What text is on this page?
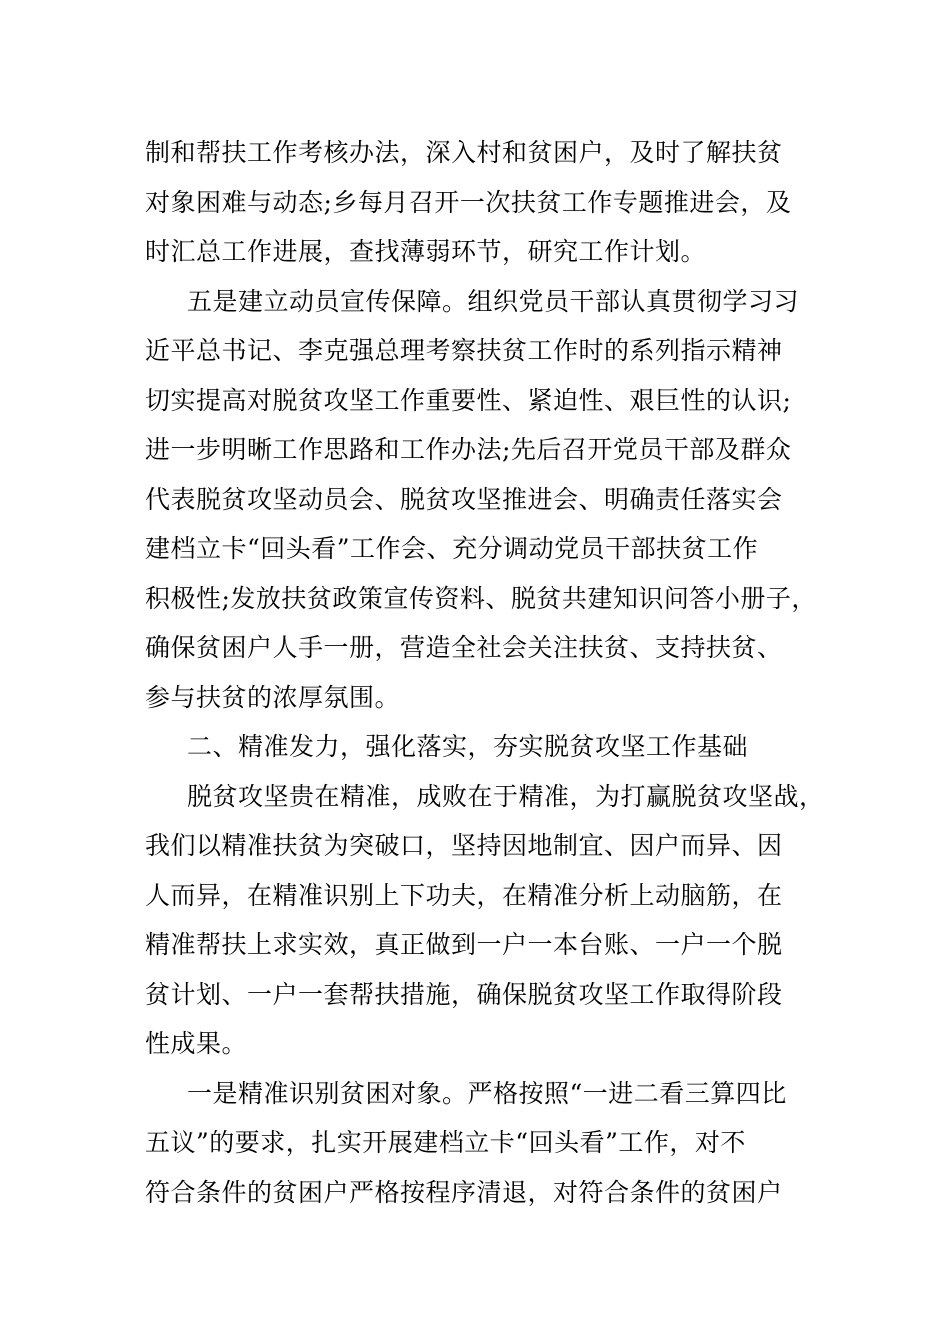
制和帮扶工作考核办法，深入村和贫困户，及时了解扶贫
对象困难与动态;乡每月召开一次扶贫工作专题推进会，及
时汇总工作进展，查找薄弱环节，研究工作计划。
五是建立动员宣传保障。组织党员干部认真贯彻学习习
近平总书记、李克强总理考察扶贫工作时的系列指示精神
切实提高对脱贫攻坚工作重要性、紧迫性、艰巨性的认识;
进一步明晰工作思路和工作办法;先后召开党员干部及群众
代表脱贫攻坚动员会、脱贫攻坚推进会、明确责任落实会
建档立卡“回头看”工作会、充分调动党员干部扶贫工作
积极性;发放扶贫政策宣传资料、脱贫共建知识问答小册子，
确保贫困户人手一册，营造全社会关注扶贫、支持扶贫、
参与扶贫的浓厚氛围。
二、精准发力，强化落实，夯实脱贫攻坚工作基础
脱贫攻坚贵在精准，成败在于精准，为打赢脱贫攻坚战，
我们以精准扶贫为突破口，坚持因地制宜、因户而异、因
人而异，在精准识别上下功夫，在精准分析上动脑筋，在
精准帮扶上求实效，真正做到一户一本台账、一户一个脱
贫计划、一户一套帮扶措施，确保脱贫攻坚工作取得阶段
性成果。
一是精准识别贫困对象。严格按照“一进二看三算四比
五议”的要求，扎实开展建档立卡“回头看”工作，对不
符合条件的贫困户严格按程序清退，对符合条件的贫困户
